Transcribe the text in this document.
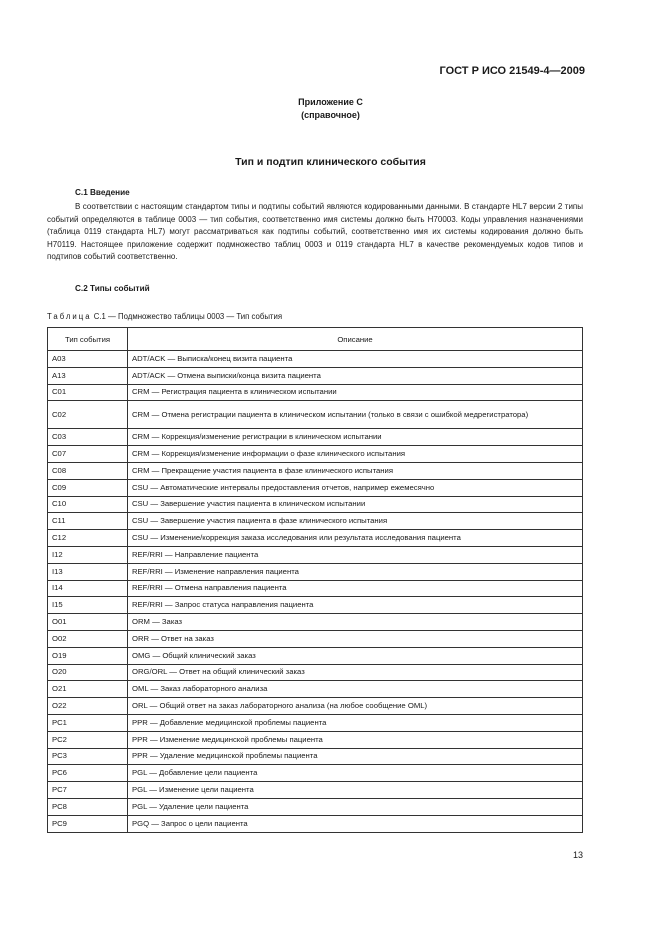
ГОСТ Р ИСО 21549-4—2009
Приложение С
(справочное)
Тип и подтип клинического события
С.1 Введение

В соответствии с настоящим стандартом типы и подтипы событий являются кодированными данными. В стандарте HL7 версии 2 типы событий определяются в таблице 0003 — тип события, соответственно имя системы должно быть Н70003. Коды управления назначениями (таблица 0119 стандарта HL7) могут рассматриваться как подтипы событий, соответственно имя их системы кодирования должно быть Н70119. Настоящее приложение содержит подмножество таблиц 0003 и 0119 стандарта HL7 в качестве рекомендуемых кодов типов и подтипов событий соответственно.

С.2 Типы событий
Таблица С.1 — Подмножество таблицы 0003 — Тип события
Тип события	Описание
A03	ADT/ACK — Выписка/конец визита пациента
A13	ADT/ACK — Отмена выписки/конца визита пациента
C01	CRM — Регистрация пациента в клиническом испытании
C02	CRM — Отмена регистрации пациента в клиническом испытании (только в связи с ошибкой медрегистратора)
C03	CRM — Коррекция/изменение регистрации в клиническом испытании
C07	CRM — Коррекция/изменение информации о фазе клинического испытания
C08	CRM — Прекращение участия пациента в фазе клинического испытания
C09	CSU — Автоматические интервалы предоставления отчетов, например ежемесячно
C10	CSU — Завершение участия пациента в клиническом испытании
C11	CSU — Завершение участия пациента в фазе клинического испытания
C12	CSU — Изменение/коррекция заказа исследования или результата исследования пациента
I12	REF/RRI — Направление пациента
I13	REF/RRI — Изменение направления пациента
I14	REF/RRI — Отмена направления пациента
I15	REF/RRI — Запрос статуса направления пациента
O01	ORM — Заказ
O02	ORR — Ответ на заказ
O19	OMG — Общий клинический заказ
O20	ORG/ORL — Ответ на общий клинический заказ
O21	OML — Заказ лабораторного анализа
O22	ORL — Общий ответ на заказ лабораторного анализа (на любое сообщение OML)
PC1	PPR — Добавление медицинской проблемы пациента
PC2	PPR — Изменение медицинской проблемы пациента
PC3	PPR — Удаление медицинской проблемы пациента
PC6	PGL — Добавление цели пациента
PC7	PGL — Изменение цели пациента
PC8	PGL — Удаление цели пациента
PC9	PGQ — Запрос о цели пациента
13
